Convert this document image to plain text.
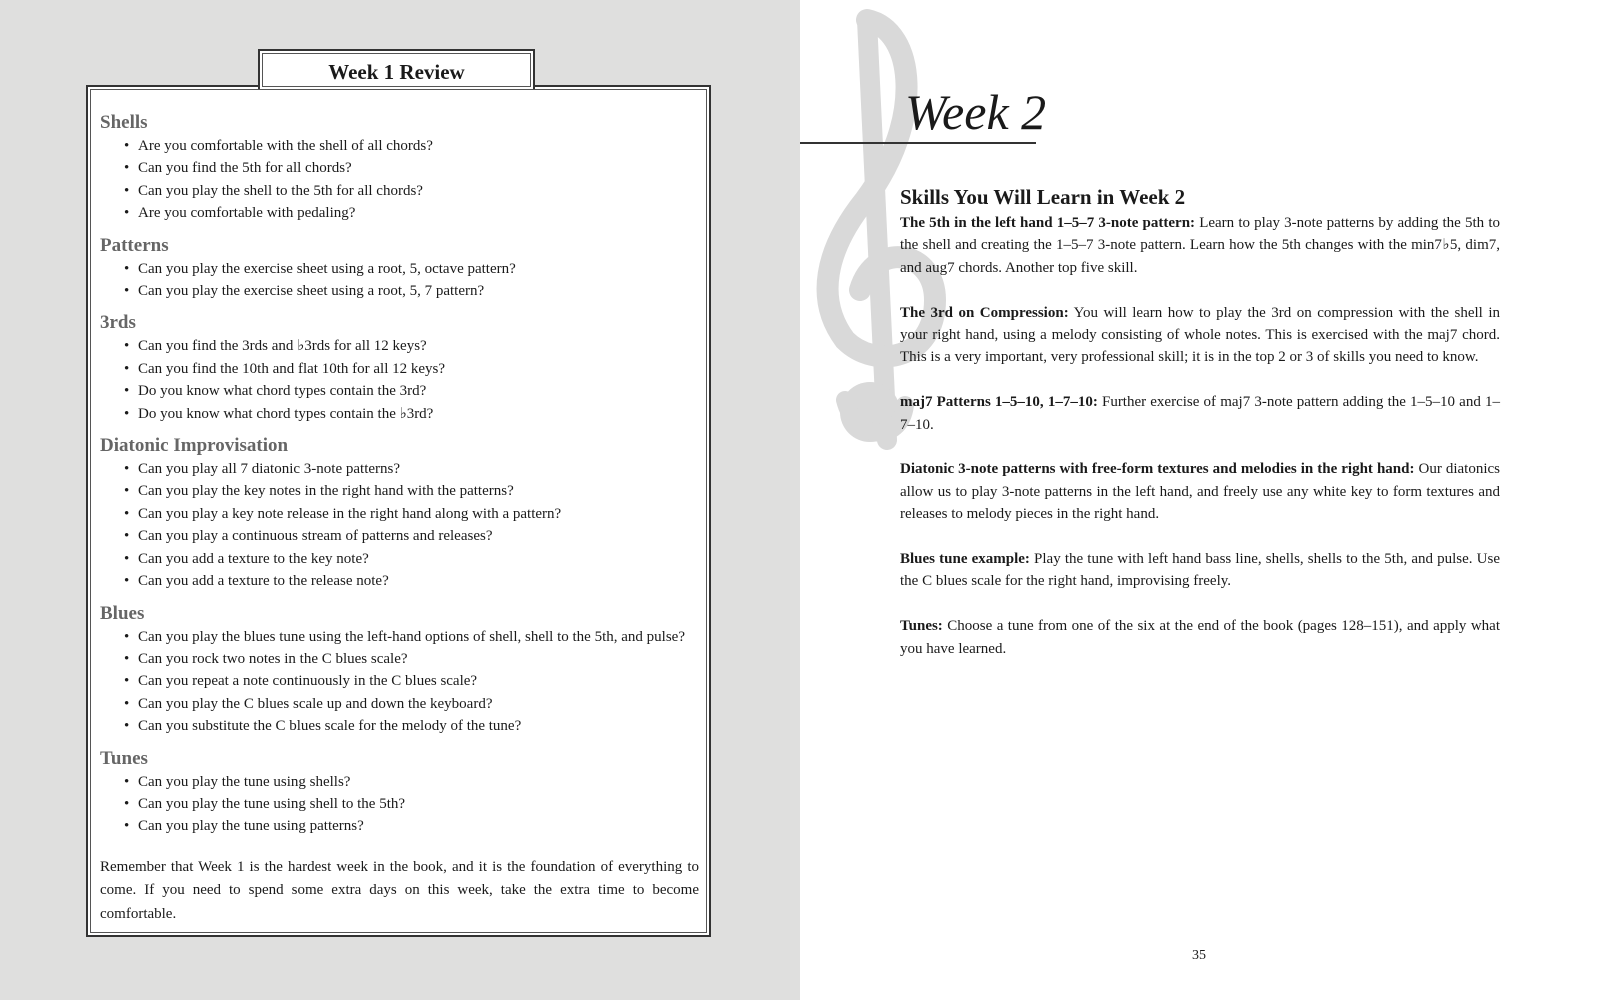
Week 1 Review
Shells
• Are you comfortable with the shell of all chords?
• Can you find the 5th for all chords?
• Can you play the shell to the 5th for all chords?
• Are you comfortable with pedaling?
Patterns
• Can you play the exercise sheet using a root, 5, octave pattern?
• Can you play the exercise sheet using a root, 5, 7 pattern?
3rds
• Can you find the 3rds and ♭3rds for all 12 keys?
• Can you find the 10th and flat 10th for all 12 keys?
• Do you know what chord types contain the 3rd?
• Do you know what chord types contain the ♭3rd?
Diatonic Improvisation
• Can you play all 7 diatonic 3-note patterns?
• Can you play the key notes in the right hand with the patterns?
• Can you play a key note release in the right hand along with a pattern?
• Can you play a continuous stream of patterns and releases?
• Can you add a texture to the key note?
• Can you add a texture to the release note?
Blues
• Can you play the blues tune using the left-hand options of shell, shell to the 5th, and pulse?
• Can you rock two notes in the C blues scale?
• Can you repeat a note continuously in the C blues scale?
• Can you play the C blues scale up and down the keyboard?
• Can you substitute the C blues scale for the melody of the tune?
Tunes
• Can you play the tune using shells?
• Can you play the tune using shell to the 5th?
• Can you play the tune using patterns?

Remember that Week 1 is the hardest week in the book, and it is the foundation of everything to come. If you need to spend some extra days on this week, take the extra time to become comfortable.

Week 2
Skills You Will Learn in Week 2

The 5th in the left hand 1–5–7 3-note pattern: Learn to play 3-note patterns by adding the 5th to the shell and creating the 1–5–7 3-note pattern. Learn how the 5th changes with the min7♭5, dim7, and aug7 chords. Another top five skill.

The 3rd on Compression: You will learn how to play the 3rd on compression with the shell in your right hand, using a melody consisting of whole notes. This is exercised with the maj7 chord. This is a very important, very professional skill; it is in the top 2 or 3 of skills you need to know.

maj7 Patterns 1–5–10, 1–7–10: Further exercise of maj7 3-note pattern adding the 1–5–10 and 1–7–10.

Diatonic 3-note patterns with free-form textures and melodies in the right hand: Our diatonics allow us to play 3-note patterns in the left hand, and freely use any white key to form textures and releases to melody pieces in the right hand.

Blues tune example: Play the tune with left hand bass line, shells, shells to the 5th, and pulse. Use the C blues scale for the right hand, improvising freely.

Tunes: Choose a tune from one of the six at the end of the book (pages 128–151), and apply what you have learned.

35
